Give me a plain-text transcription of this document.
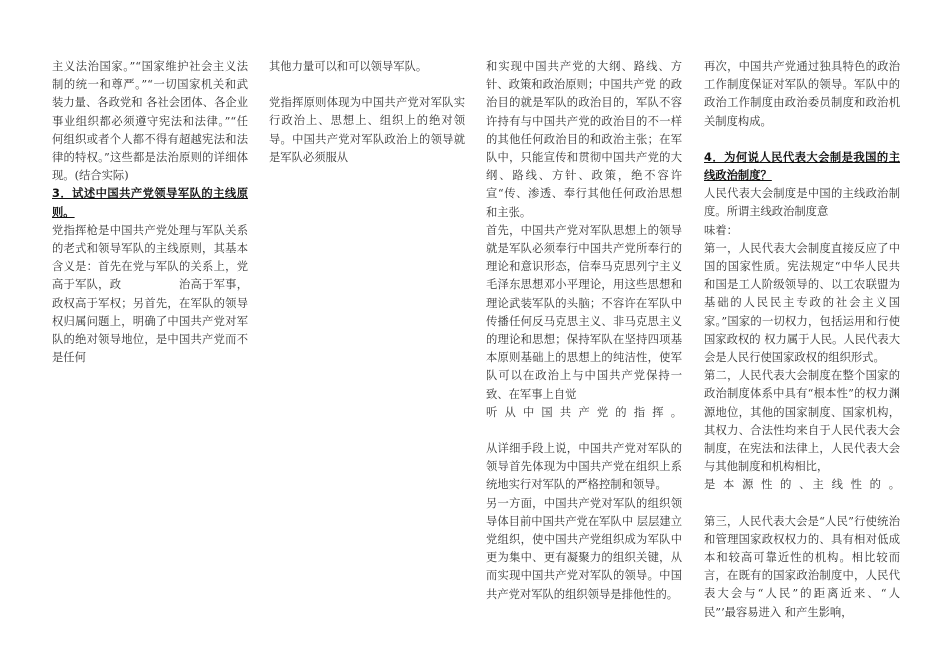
主义法治国家。”“国家维护社会主义法制的统一和尊严。”“一切国家机关和武装力量、各政党和 各社会团体、各企业事业组织都必须遵守宪法和法律。”“任何组织或者个人都不得有超越宪法和法律的特权。”这些都是法治原则的详细体现。(结合实际)

3．试述中国共产党领导军队的主线原则。

党指挥枪是中国共产党处理与军队关系的老式和领导军队的主线原则，其基本含义是：首先在党与军队的关系上，党高于军队，政　　　　　治高于军事，政权高于军权；另首先，在军队的领导权归属问题上，明确了中国共产党对军队的绝对领导地位，是中国共产党而不是任何

其他力量可以和可以领导军队。

党指挥原则体现为中国共产党对军队实行政治上、思想上、组织上的绝对领导。中国共产党对军队政治上的领导就是军队必须服从

和实现中国共产党的大纲、路线、方针、政策和政治原则；中国共产党 的政治目的就是军队的政治目的，军队不容许持有与中国共产党的政治目的不一样的其他任何政治目的和政治主张；在军队中，只能宣传和贯彻中国共产党的大纲、路线、方针、政策，绝不容许宣“传、渗透、奉行其他任何政治思想和主张。

首先，中国共产党对军队思想上的领导就是军队必须奉行中国共产党所奉行的理论和意识形态，信奉马克思列宁主义毛泽东思想邓小平理论，用这些思想和理论武装军队的头脑；不容许在军队中传播任何反马克思主义、非马克思主义的理论和思想；保持军队在坚持四项基本原则基础上的思想上的纯洁性，使军队可以在政治上与中国共产党保持一致、在军事上自觉

听 从 中 国 共 产 党 的 指 挥 。

从详细手段上说，中国共产党对军队的领导首先体现为中国共产党在组织上系统地实行对军队的严格控制和领导。

另一方面，中国共产党对军队的组织领导体目前中国共产党在军队中 层层建立党组织，使中国共产党组织成为军队中更为集中、更有凝聚力的组织关键，从而实现中国共产党对军队的领导。中国共产党对军队的组织领导是排他性的。

再次，中国共产党通过独具特色的政治工作制度保证对军队的领导。军队中的政治工作制度由政治委员制度和政治机关制度构成。

4．为何说人民代表大会制是我国的主线政治制度？

人民代表大会制度是中国的主线政治制度。所谓主线政治制度意

味着：

第一，人民代表大会制度直接反应了中国的国家性质。宪法规定“中华人民共和国是工人阶级领导的、以工农联盟为基础的人民民主专政的社会主义国家。”国家的一切权力，包括运用和行使国家政权的 权力属于人民。人民代表大会是人民行使国家政权的组织形式。

第二，人民代表大会制度在整个国家的政治制度体系中具有“根本性”的权力渊源地位，其他的国家制度、国家机构，其权力、合法性均来自于人民代表大会制度，在宪法和法律上，人民代表大会与其他制度和机构相比，

是 本 源 性 的 、主 线 性 的 。

第三，人民代表大会是“人民”行使统治和管理国家政权权力的、具有相对低成本和较高可靠近性的机构。相比较而言，在既有的国家政治制度中，人民代表大会与“人民”的距离近来、“人民”’最容易进入 和产生影响，
